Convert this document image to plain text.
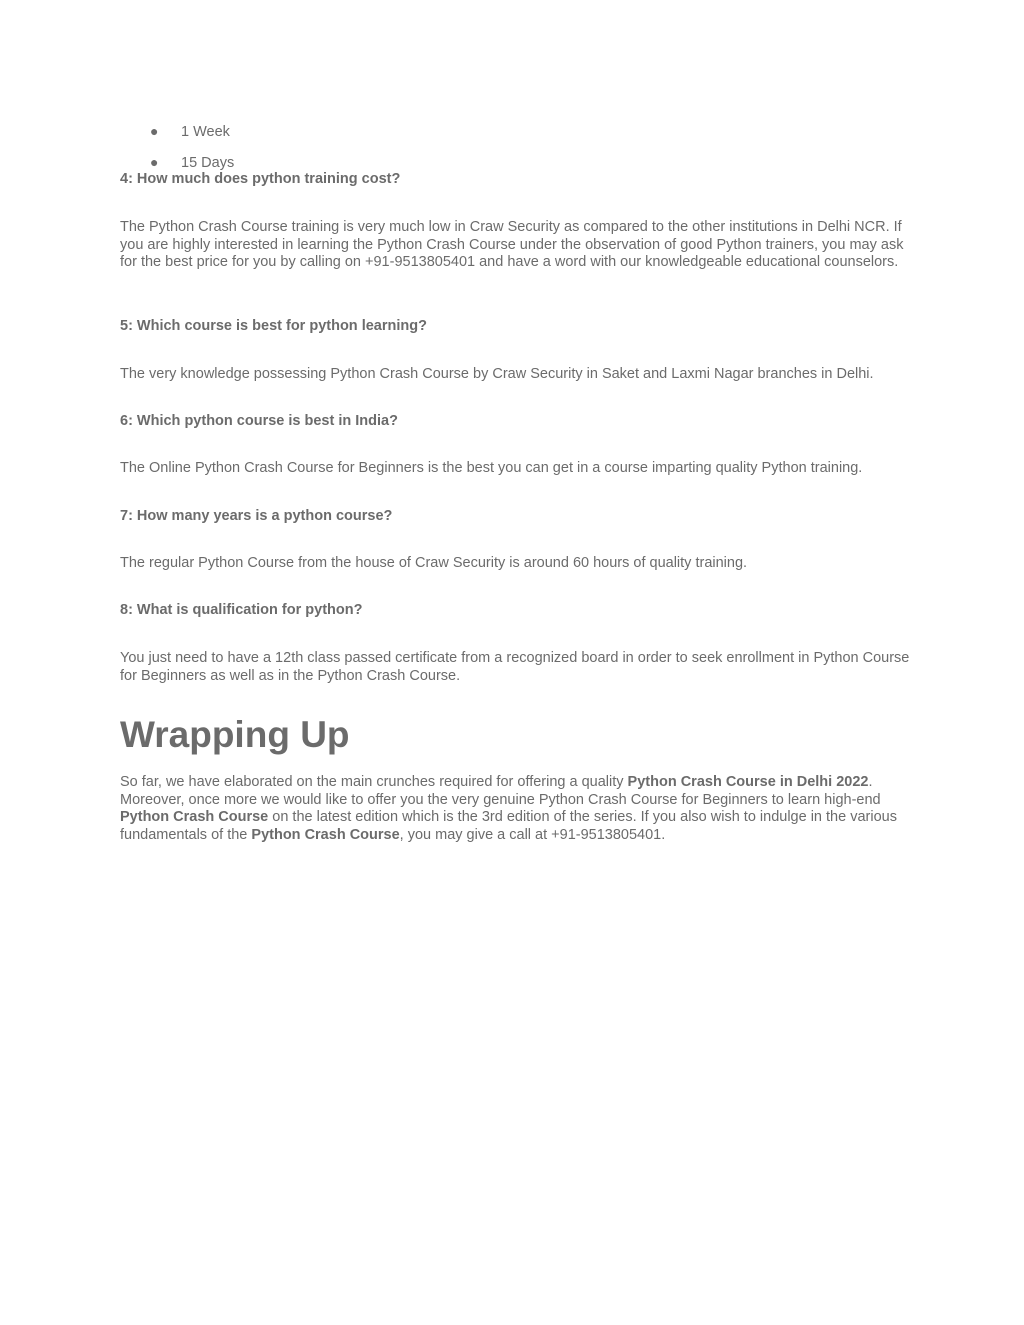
● 1 Week
● 15 Days
4: How much does python training cost?
The Python Crash Course training is very much low in Craw Security as compared to the other institutions in Delhi NCR. If you are highly interested in learning the Python Crash Course under the observation of good Python trainers, you may ask for the best price for you by calling on +91-9513805401 and have a word with our knowledgeable educational counselors.
5: Which course is best for python learning?
The very knowledge possessing Python Crash Course by Craw Security in Saket and Laxmi Nagar branches in Delhi.
6: Which python course is best in India?
The Online Python Crash Course for Beginners is the best you can get in a course imparting quality Python training.
7: How many years is a python course?
The regular Python Course from the house of Craw Security is around 60 hours of quality training.
8: What is qualification for python?
You just need to have a 12th class passed certificate from a recognized board in order to seek enrollment in Python Course for Beginners as well as in the Python Crash Course.
Wrapping Up
So far, we have elaborated on the main crunches required for offering a quality Python Crash Course in Delhi 2022. Moreover, once more we would like to offer you the very genuine Python Crash Course for Beginners to learn high-end Python Crash Course on the latest edition which is the 3rd edition of the series. If you also wish to indulge in the various fundamentals of the Python Crash Course, you may give a call at +91-9513805401.
